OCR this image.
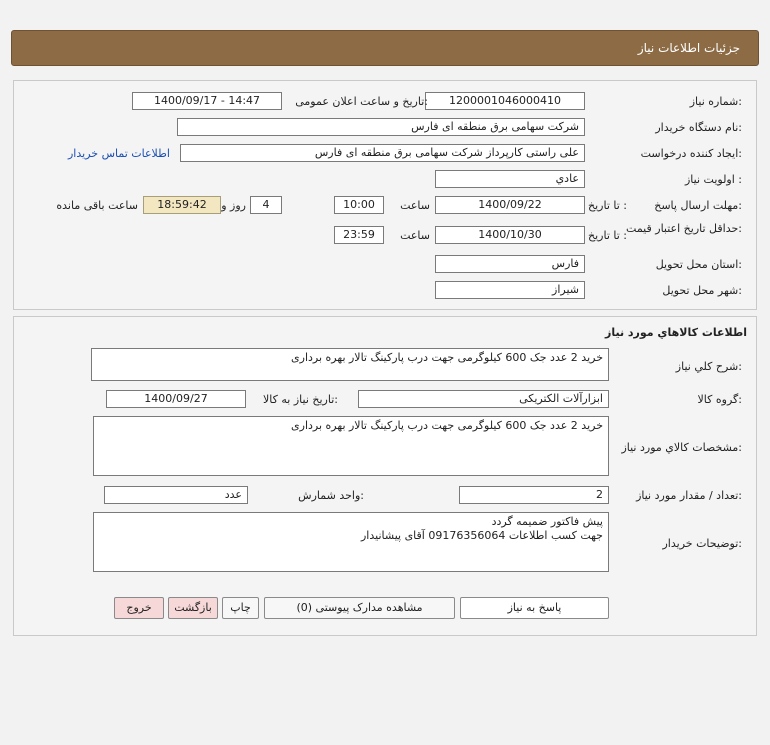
جزئیات اطلاعات نیاز
شماره نیاز:
1200001046000410
تاریخ و ساعت اعلان عمومی:
1400/09/17 - 14:47
نام دستگاه خریدار:
شرکت سهامی برق منطقه ای فارس
ایجاد کننده درخواست:
علی راستی کارپرداز شرکت سهامی برق منطقه ای فارس
اطلاعات تماس خریدار
اولویت نیاز :
عادي
مهلت ارسال پاسخ:
تا تاریخ :
1400/09/22
ساعت
10:00
4
روز و
18:59:42
ساعت باقی مانده
حداقل تاریخ اعتبار قیمت:
تا تاریخ :
1400/10/30
ساعت
23:59
استان محل تحویل:
فارس
شهر محل تحویل:
شیراز
اطلاعات کالاهاي مورد نياز
شرح کلي نياز:
خرید 2 عدد جک 600 کیلوگرمی جهت درب پارکینگ تالار بهره برداری
گروه کالا:
ابزارآلات الکتریکی
تاریخ نیاز به کالا:
1400/09/27
مشخصات کالاي مورد نياز:
خرید 2 عدد جک 600 کیلوگرمی جهت درب پارکینگ تالار بهره برداری
تعداد / مقدار مورد نیاز:
2
واحد شمارش:
عدد
توضیحات خریدار:
پیش فاکتور ضمیمه گردد
جهت کسب اطلاعات 09176356064 آقای پیشانیدار
پاسخ به نیاز
مشاهده مدارک پیوستی (0)
چاپ
بازگشت
خروج
